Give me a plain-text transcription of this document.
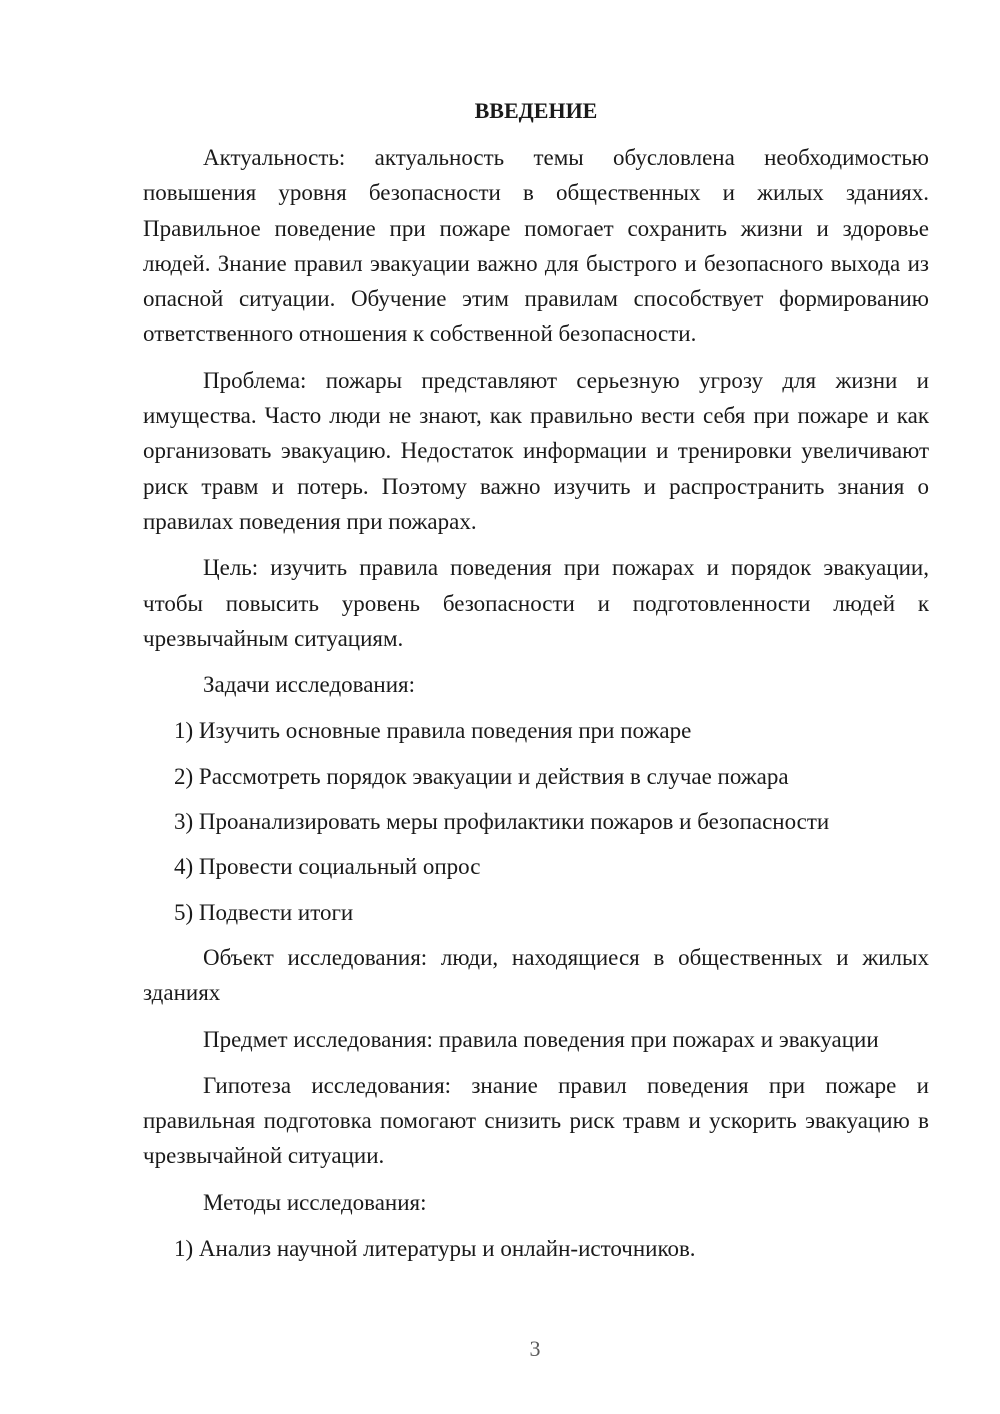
ВВЕДЕНИЕ

Актуальность: актуальность темы обусловлена необходимостью повышения уровня безопасности в общественных и жилых зданиях. Правильное поведение при пожаре помогает сохранить жизни и здоровье людей. Знание правил эвакуации важно для быстрого и безопасного выхода из опасной ситуации. Обучение этим правилам способствует формированию ответственного отношения к собственной безопасности.

Проблема: пожары представляют серьезную угрозу для жизни и имущества. Часто люди не знают, как правильно вести себя при пожаре и как организовать эвакуацию. Недостаток информации и тренировки увеличивают риск травм и потерь. Поэтому важно изучить и распространить знания о правилах поведения при пожарах.

Цель: изучить правила поведения при пожарах и порядок эвакуации, чтобы повысить уровень безопасности и подготовленности людей к чрезвычайным ситуациям.

Задачи исследования:

1) Изучить основные правила поведения при пожаре
2) Рассмотреть порядок эвакуации и действия в случае пожара
3) Проанализировать меры профилактики пожаров и безопасности
4) Провести социальный опрос
5) Подвести итоги

Объект исследования: люди, находящиеся в общественных и жилых зданиях

Предмет исследования: правила поведения при пожарах и эвакуации

Гипотеза исследования: знание правил поведения при пожаре и правильная подготовка помогают снизить риск травм и ускорить эвакуацию в чрезвычайной ситуации.

Методы исследования:

1) Анализ научной литературы и онлайн-источников.
3
